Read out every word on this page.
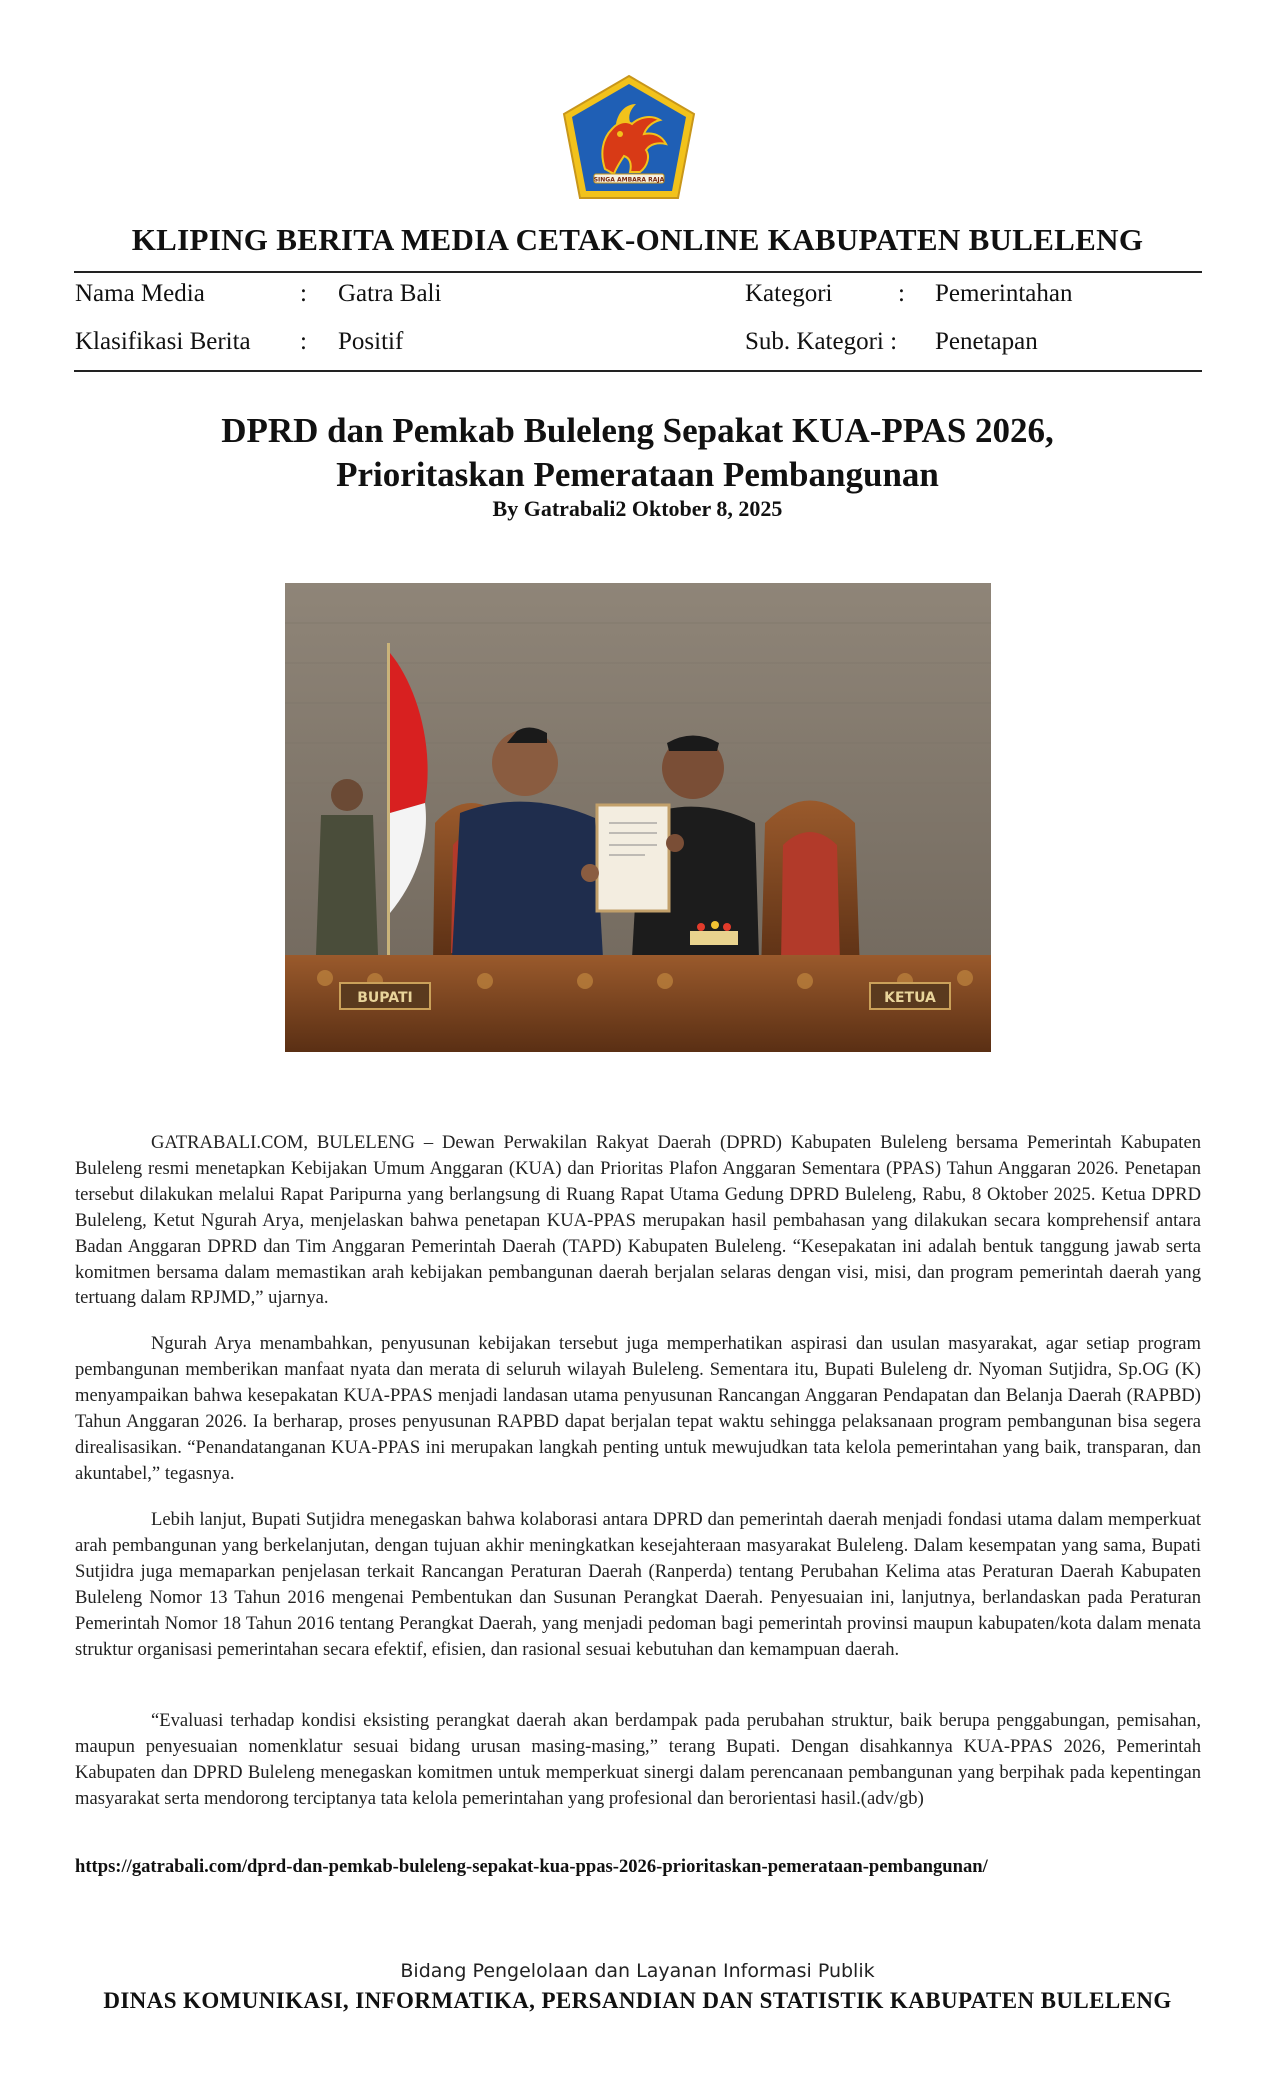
SINGA AMBARA RAJA
KLIPING BERITA MEDIA CETAK-ONLINE KABUPATEN BULELENG
Nama Media	: Gatra Bali
Klasifikasi Berita : Positif
Kategori	: Pemerintahan
Sub. Kategori : Penetapan
DPRD dan Pemkab Buleleng Sepakat KUA-PPAS 2026,
Prioritaskan Pemerataan Pembangunan
By Gatrabali2 Oktober 8, 2025
BUPATI	KETUA

GATRABALI.COM, BULELENG – Dewan Perwakilan Rakyat Daerah (DPRD) Kabupaten Buleleng bersama Pemerintah Kabupaten Buleleng resmi menetapkan Kebijakan Umum Anggaran (KUA) dan Prioritas Plafon Anggaran Sementara (PPAS) Tahun Anggaran 2026. Penetapan tersebut dilakukan melalui Rapat Paripurna yang berlangsung di Ruang Rapat Utama Gedung DPRD Buleleng, Rabu, 8 Oktober 2025. Ketua DPRD Buleleng, Ketut Ngurah Arya, menjelaskan bahwa penetapan KUA-PPAS merupakan hasil pembahasan yang dilakukan secara komprehensif antara Badan Anggaran DPRD dan Tim Anggaran Pemerintah Daerah (TAPD) Kabupaten Buleleng. “Kesepakatan ini adalah bentuk tanggung jawab serta komitmen bersama dalam memastikan arah kebijakan pembangunan daerah berjalan selaras dengan visi, misi, dan program pemerintah daerah yang tertuang dalam RPJMD,” ujarnya.

Ngurah Arya menambahkan, penyusunan kebijakan tersebut juga memperhatikan aspirasi dan usulan masyarakat, agar setiap program pembangunan memberikan manfaat nyata dan merata di seluruh wilayah Buleleng. Sementara itu, Bupati Buleleng dr. Nyoman Sutjidra, Sp.OG (K) menyampaikan bahwa kesepakatan KUA-PPAS menjadi landasan utama penyusunan Rancangan Anggaran Pendapatan dan Belanja Daerah (RAPBD) Tahun Anggaran 2026. Ia berharap, proses penyusunan RAPBD dapat berjalan tepat waktu sehingga pelaksanaan program pembangunan bisa segera direalisasikan. “Penandatanganan KUA-PPAS ini merupakan langkah penting untuk mewujudkan tata kelola pemerintahan yang baik, transparan, dan akuntabel,” tegasnya.

Lebih lanjut, Bupati Sutjidra menegaskan bahwa kolaborasi antara DPRD dan pemerintah daerah menjadi fondasi utama dalam memperkuat arah pembangunan yang berkelanjutan, dengan tujuan akhir meningkatkan kesejahteraan masyarakat Buleleng. Dalam kesempatan yang sama, Bupati Sutjidra juga memaparkan penjelasan terkait Rancangan Peraturan Daerah (Ranperda) tentang Perubahan Kelima atas Peraturan Daerah Kabupaten Buleleng Nomor 13 Tahun 2016 mengenai Pembentukan dan Susunan Perangkat Daerah. Penyesuaian ini, lanjutnya, berlandaskan pada Peraturan Pemerintah Nomor 18 Tahun 2016 tentang Perangkat Daerah, yang menjadi pedoman bagi pemerintah provinsi maupun kabupaten/kota dalam menata struktur organisasi pemerintahan secara efektif, efisien, dan rasional sesuai kebutuhan dan kemampuan daerah.

“Evaluasi terhadap kondisi eksisting perangkat daerah akan berdampak pada perubahan struktur, baik berupa penggabungan, pemisahan, maupun penyesuaian nomenklatur sesuai bidang urusan masing-masing,” terang Bupati. Dengan disahkannya KUA-PPAS 2026, Pemerintah Kabupaten dan DPRD Buleleng menegaskan komitmen untuk memperkuat sinergi dalam perencanaan pembangunan yang berpihak pada kepentingan masyarakat serta mendorong terciptanya tata kelola pemerintahan yang profesional dan berorientasi hasil.(adv/gb)

https://gatrabali.com/dprd-dan-pemkab-buleleng-sepakat-kua-ppas-2026-prioritaskan-pemerataan-pembangunan/
Bidang Pengelolaan dan Layanan Informasi Publik
DINAS KOMUNIKASI, INFORMATIKA, PERSANDIAN DAN STATISTIK KABUPATEN BULELENG
